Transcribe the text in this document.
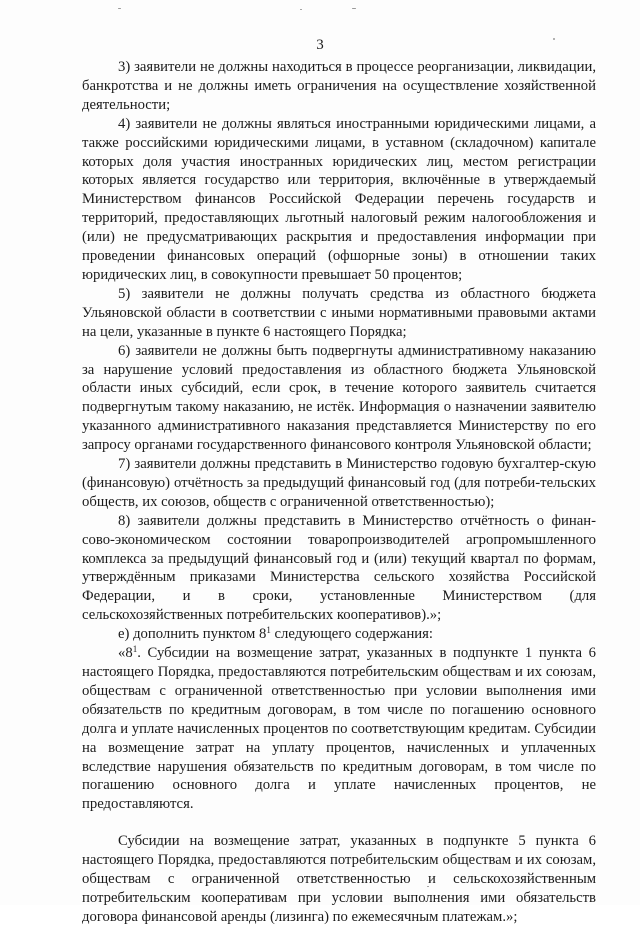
3

3) заявители не должны находиться в процессе реорганизации, ликвидации, банкротства и не должны иметь ограничения на осуществление хозяйственной деятельности;

4) заявители не должны являться иностранными юридическими лицами, а также российскими юридическими лицами, в уставном (складочном) капитале которых доля участия иностранных юридических лиц, местом регистрации которых является государство или территория, включённые в утверждаемый Министерством финансов Российской Федерации перечень государств и территорий, предоставляющих льготный налоговый режим налогообложения и (или) не предусматривающих раскрытия и предоставления информации при проведении финансовых операций (офшорные зоны) в отношении таких юридических лиц, в совокупности превышает 50 процентов;

5) заявители не должны получать средства из областного бюджета Ульяновской области в соответствии с иными нормативными правовыми актами на цели, указанные в пункте 6 настоящего Порядка;

6) заявители не должны быть подвергнуты административному наказанию за нарушение условий предоставления из областного бюджета Ульяновской области иных субсидий, если срок, в течение которого заявитель считается подвергнутым такому наказанию, не истёк. Информация о назначении заявителю указанного административного наказания представляется Министерству по его запросу органами государственного финансового контроля Ульяновской области;

7) заявители должны представить в Министерство годовую бухгалтер-скую (финансовую) отчётность за предыдущий финансовый год (для потреби-тельских обществ, их союзов, обществ с ограниченной ответственностью);

8) заявители должны представить в Министерство отчётность о финан-сово-экономическом состоянии товаропроизводителей агропромышленного комплекса за предыдущий финансовый год и (или) текущий квартал по формам, утверждённым приказами Министерства сельского хозяйства Российской Федерации, и в сроки, установленные Министерством (для сельскохозяйственных потребительских кооперативов).»;

е) дополнить пунктом $8^1$ следующего содержания:

«$8^1$. Субсидии на возмещение затрат, указанных в подпункте 1 пункта 6 настоящего Порядка, предоставляются потребительским обществам и их союзам, обществам с ограниченной ответственностью при условии выполнения ими обязательств по кредитным договорам, в том числе по погашению основного долга и уплате начисленных процентов по соответствующим кредитам. Субсидии на возмещение затрат на уплату процентов, начисленных и уплаченных вследствие нарушения обязательств по кредитным договорам, в том числе по погашению основного долга и уплате начисленных процентов, не предоставляются.

Субсидии на возмещение затрат, указанных в подпункте 5 пункта 6 настоящего Порядка, предоставляются потребительским обществам и их союзам, обществам с ограниченной ответственностью и сельскохозяйственным потребительским кооперативам при условии выполнения ими обязательств договора финансовой аренды (лизинга) по ежемесячным платежам.»;
